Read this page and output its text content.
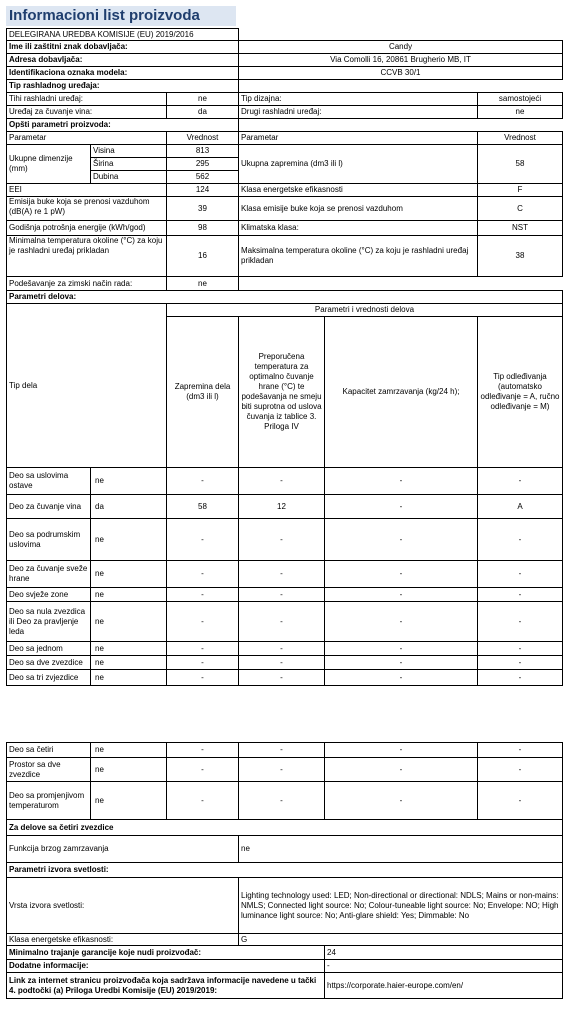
Informacioni list proizvoda
DELEGIRANA UREDBA KOMISIJE (EU) 2019/2016					
Ime ili zaštitni znak dobavljača:			Candy		
Adresa dobavljača:			Via Comolli 16, 20861 Brugherio MB, IT		
Identifikaciona oznaka modela:			CCVB 30/1		
Tip rashladnog uređaja:					
Tihi rashladni uređaj:		ne	Tip dizajna:		samostojeći
Uređaj za čuvanje vina:		da	Drugi rashladni uređaj:		ne
Opšti parametri proizvoda:					
Parametar		Vrednost	Parametar		Vrednost
Ukupne dimenzije (mm)	Visina	813	Ukupna zapremina (dm3 ili l)		58
	Širina	295			
	Dubina	562			
EEI		124	Klasa energetske efikasnosti		F
Emisija buke koja se prenosi vazduhom (dB(A) re 1 pW)		39	Klasa emisije buke koja se prenosi vazduhom		C
Godišnja potrošnja energije (kWh/god)		98	Klimatska klasa:		NST
Minimalna temperatura okoline (°C) za koju je rashladni uređaj prikladan		16	Maksimalna temperatura okoline (°C) za koju je rashladni uređaj prikladan		38
Podešavanje za zimski način rada:		ne			
Parametri delova:					
Tip dela		Parametri i vrednosti delova			
		Zapremina dela (dm3 ili l)	Preporučena temperatura za optimalno čuvanje hrane (°C) te podešavanja ne smeju biti suprotna od uslova čuvanja iz tablice 3. Priloga IV	Kapacitet zamrzavanja (kg/24 h);	Tip odleđivanja (automatsko odleđivanje = A, ručno odleđivanje = M)
Deo sa uslovima ostave	ne	-	-	-	-
Deo za čuvanje vina	da	58	12	-	A
Deo sa podrumskim uslovima	ne	-	-	-	-
Deo za čuvanje sveže hrane	ne	-	-	-	-
Deo svježe zone	ne	-	-	-	-
Deo sa nula zvezdica ili Deo za pravljenje leda	ne	-	-	-	-
Deo sa jednom	ne	-	-	-	-
Deo sa dve zvezdice	ne	-	-	-	-
Deo sa tri zvjezdice	ne	-	-	-	-
Deo sa četiri	ne	-	-	-	-
Prostor sa dve zvezdice	ne	-	-	-	-
Deo sa promjenjivom temperaturom	ne	-	-	-	-
Za delove sa četiri zvezdice					
Funkcija brzog zamrzavanja			ne		
Parametri izvora svetlosti:					
Vrsta izvora svetlosti:			Lighting technology used: LED; Non-directional or directional: NDLS; Mains or non-mains: NMLS; Connected light source: No; Colour-tuneable light source: No; Envelope: NO; High luminance light source: No; Anti-glare shield: Yes; Dimmable: No		
Klasa energetske efikasnosti:			G		
Minimalno trajanje garancije koje nudi proizvođač:				24	
Dodatne informacije:				-	
Link za internet stranicu proizvođača koja sadržava informacije navedene u tački 4. podtočki (a) Priloga Uredbi Komisije (EU) 2019/2019:				https://corporate.haier-europe.com/en/	
